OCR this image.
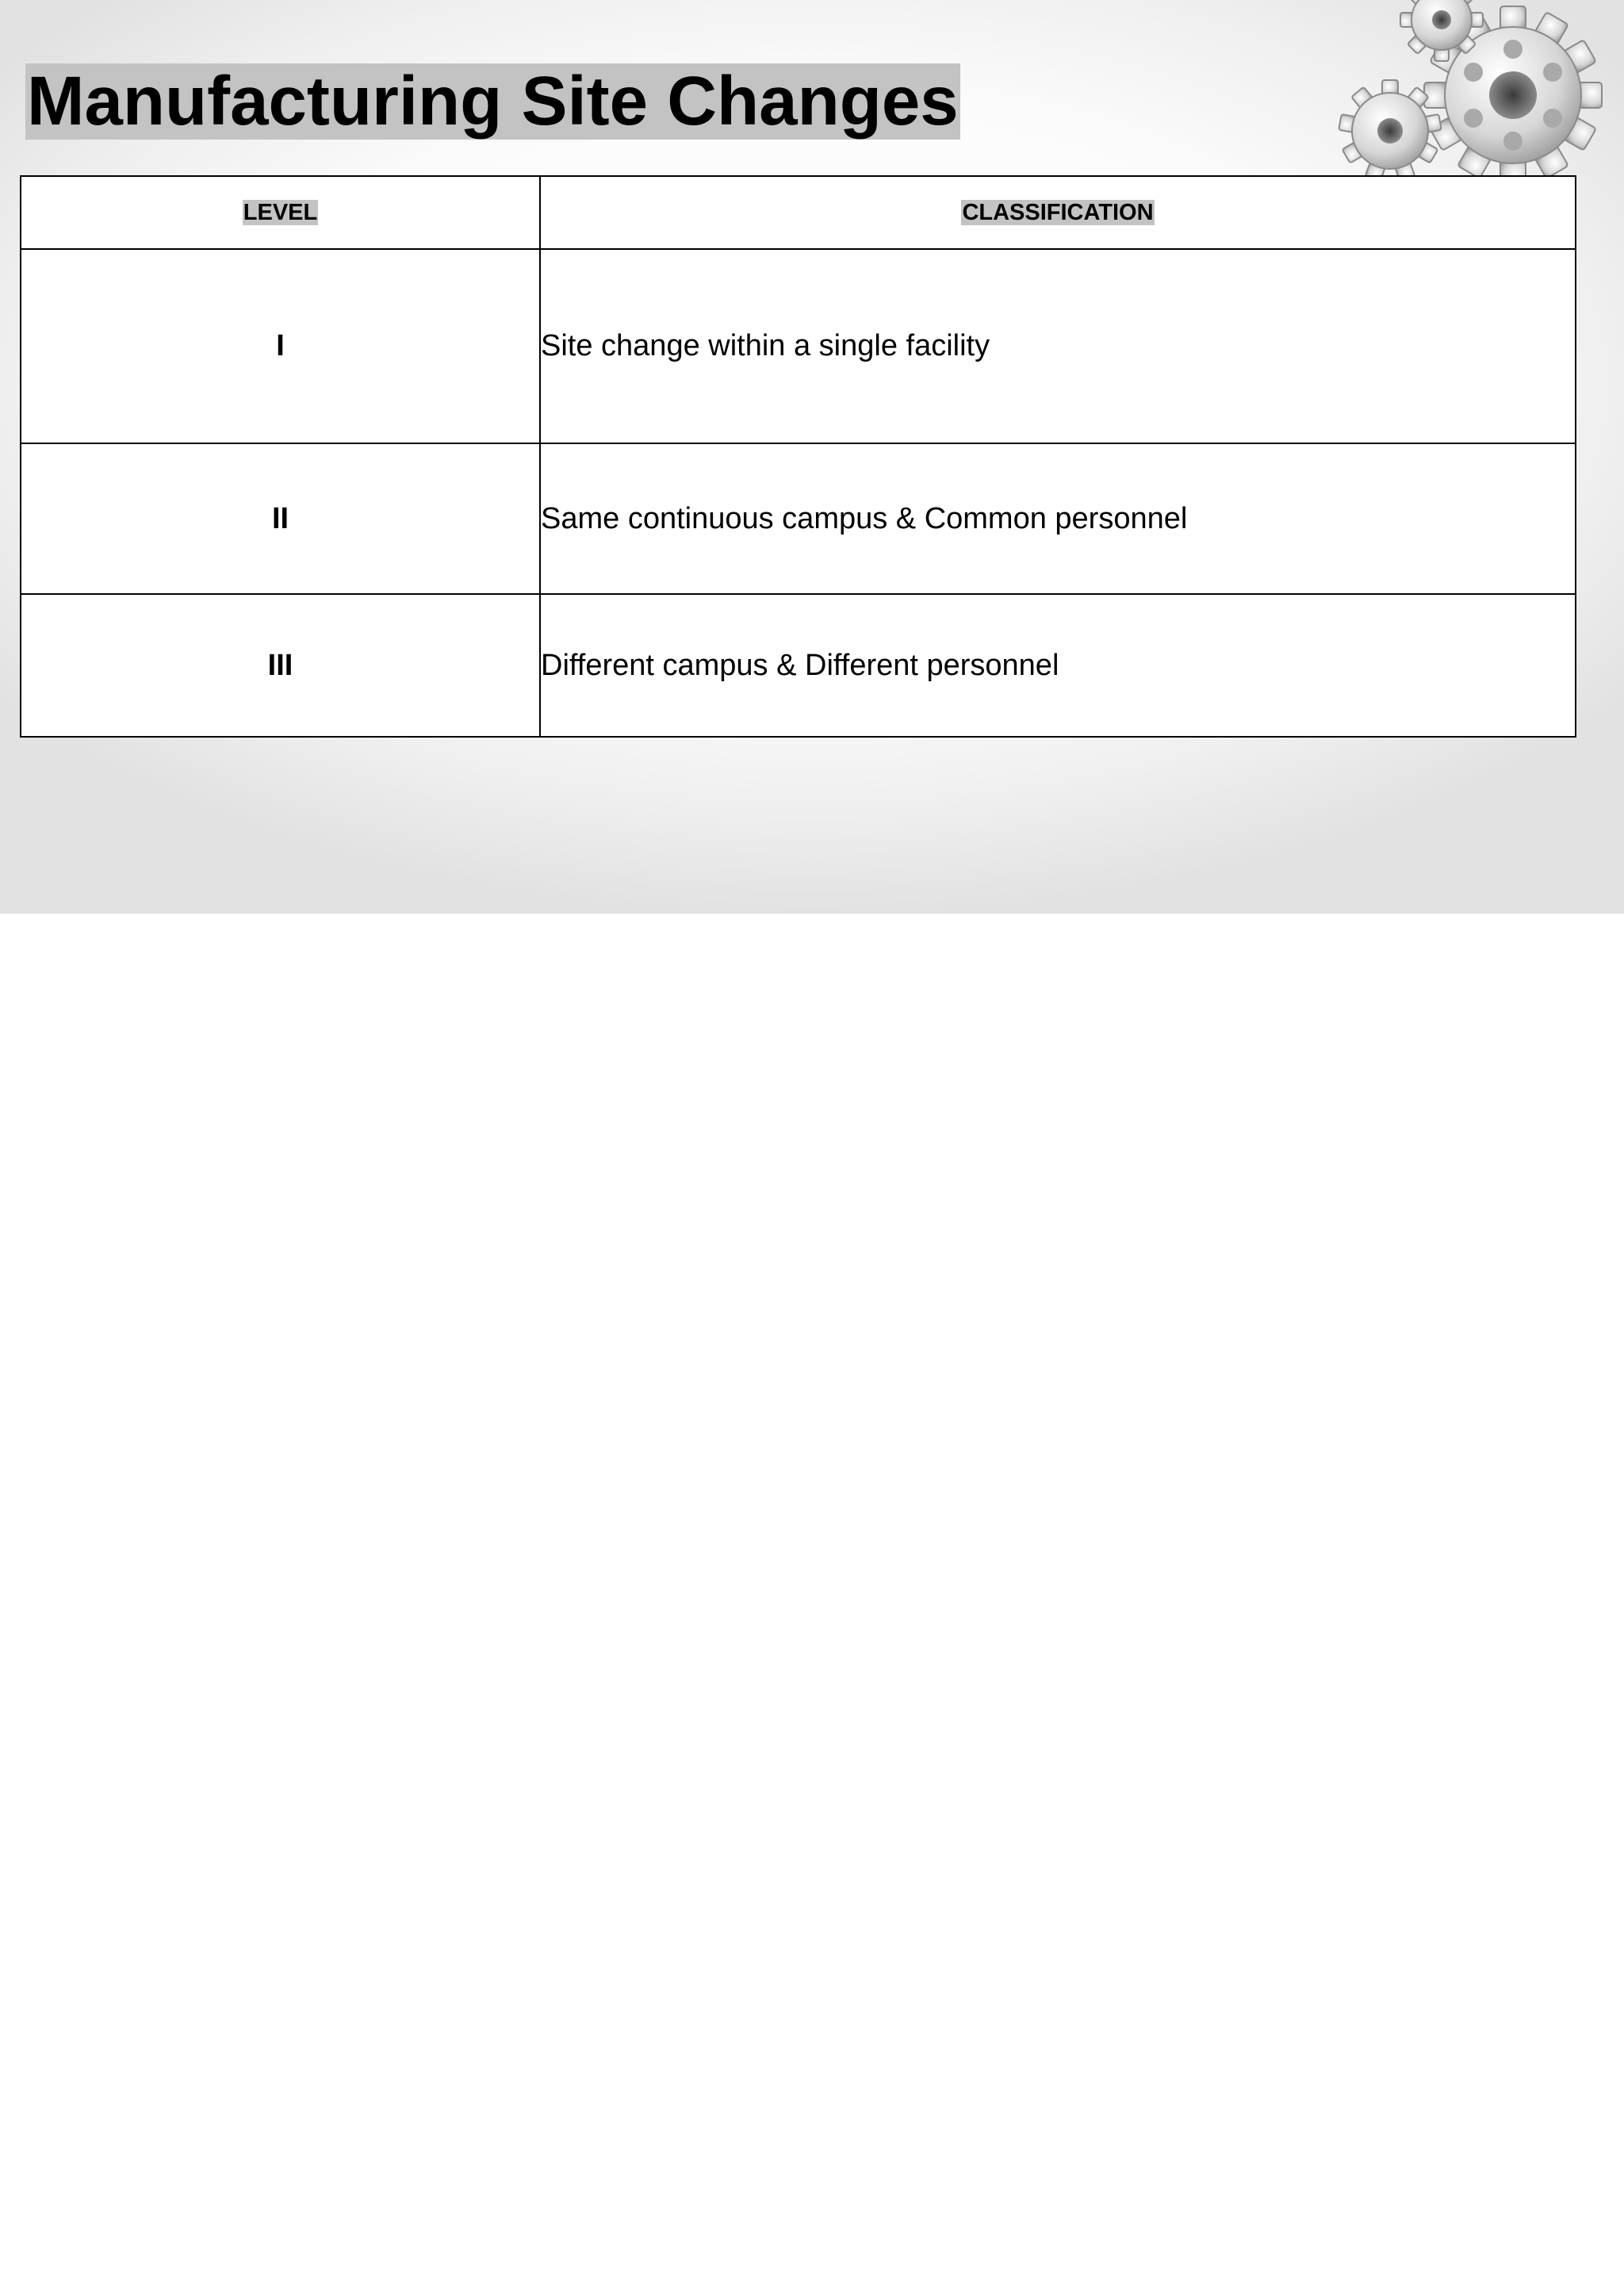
Manufacturing Site Changes
LEVEL	CLASSIFICATION
I	Site change within a single facility
II	Same continuous campus & Common personnel
III	Different campus & Different personnel
